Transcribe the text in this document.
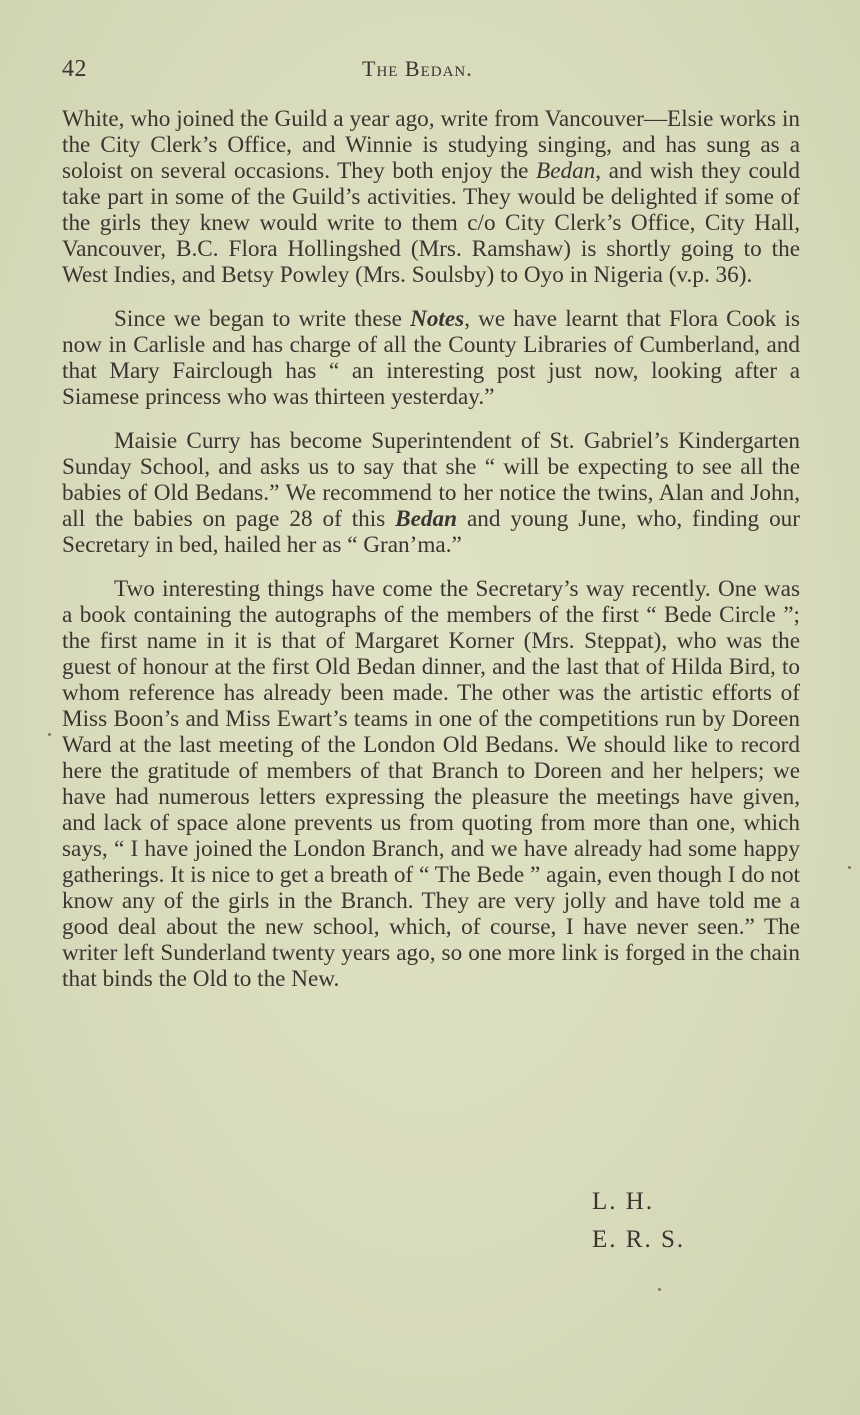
42	The Bedan.

White, who joined the Guild a year ago, write from Vancouver—Elsie works in the City Clerk’s Office, and Winnie is studying singing, and has sung as a soloist on several occasions. They both enjoy the Bedan, and wish they could take part in some of the Guild’s activities. They would be delighted if some of the girls they knew would write to them c/o City Clerk’s Office, City Hall, Vancouver, B.C. Flora Hollingshed (Mrs. Ramshaw) is shortly going to the West Indies, and Betsy Powley (Mrs. Soulsby) to Oyo in Nigeria (v.p. 36).

Since we began to write these Notes, we have learnt that Flora Cook is now in Carlisle and has charge of all the County Libraries of Cumberland, and that Mary Fairclough has “ an interesting post just now, looking after a Siamese princess who was thirteen yesterday.”

Maisie Curry has become Superintendent of St. Gabriel’s Kindergarten Sunday School, and asks us to say that she “ will be expecting to see all the babies of Old Bedans.” We recommend to her notice the twins, Alan and John, all the babies on page 28 of this Bedan and young June, who, finding our Secretary in bed, hailed her as “ Gran’ma.”

Two interesting things have come the Secretary’s way recently. One was a book containing the autographs of the members of the first “ Bede Circle ”; the first name in it is that of Margaret Korner (Mrs. Steppat), who was the guest of honour at the first Old Bedan dinner, and the last that of Hilda Bird, to whom reference has already been made. The other was the artistic efforts of Miss Boon’s and Miss Ewart’s teams in one of the competitions run by Doreen Ward at the last meeting of the London Old Bedans. We should like to record here the gratitude of members of that Branch to Doreen and her helpers; we have had numerous letters expressing the pleasure the meetings have given, and lack of space alone prevents us from quoting from more than one, which says, “ I have joined the London Branch, and we have already had some happy gatherings. It is nice to get a breath of “ The Bede ” again, even though I do not know any of the girls in the Branch. They are very jolly and have told me a good deal about the new school, which, of course, I have never seen.” The writer left Sunderland twenty years ago, so one more link is forged in the chain that binds the Old to the New.

L. H.
E. R. S.
